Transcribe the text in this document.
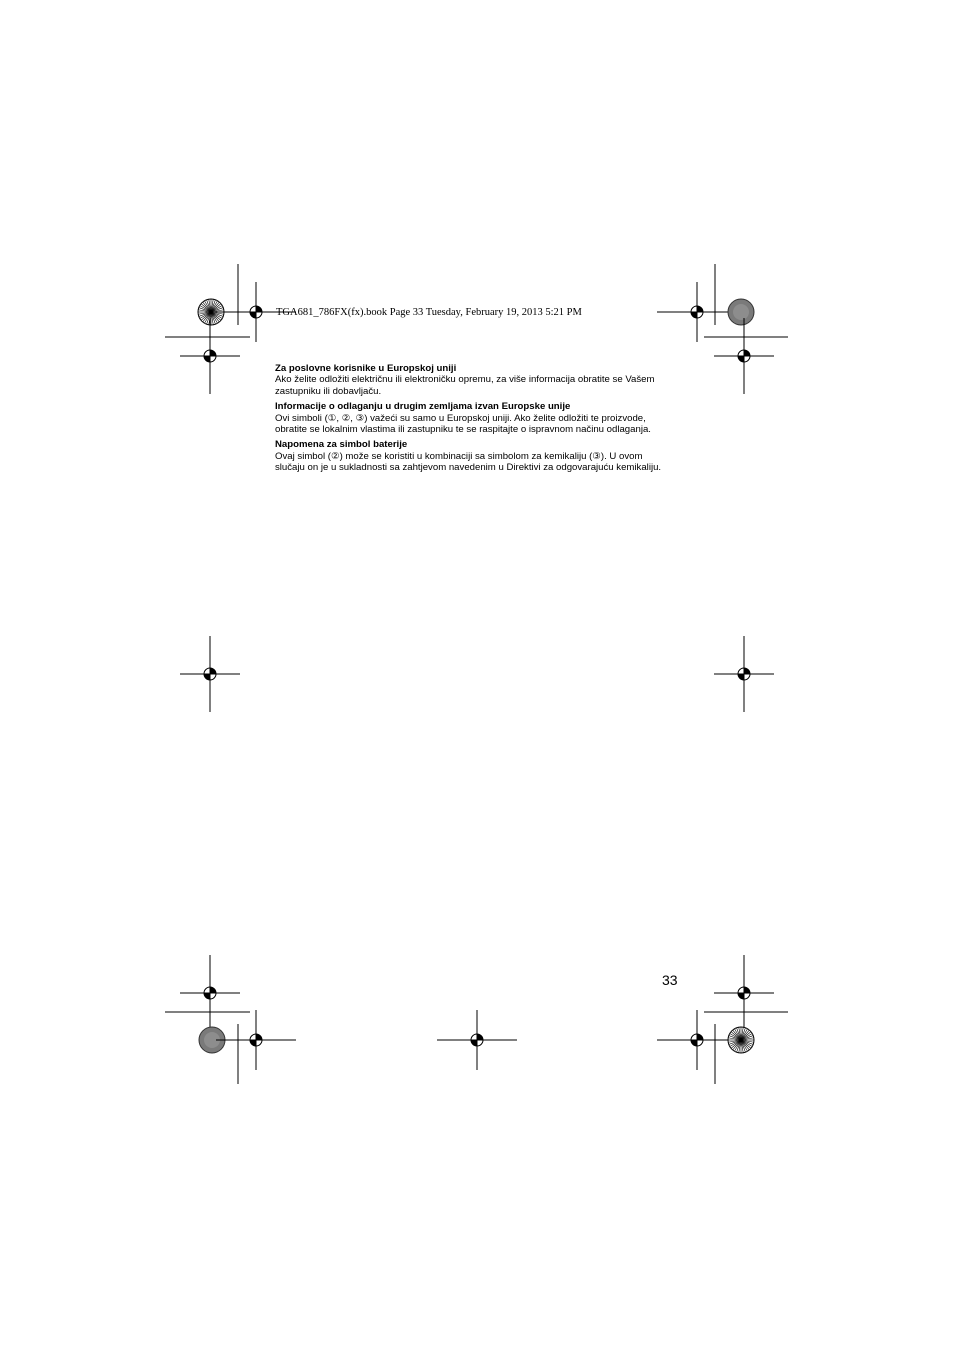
TGA681_786FX(fx).book Page 33 Tuesday, February 19, 2013 5:21 PM
Za poslovne korisnike u Europskoj uniji

Ako želite odložiti električnu ili elektroničku opremu, za više informacija obratite se Vašem
zastupniku ili dobavljaču.

Informacije o odlaganju u drugim zemljama izvan Europske unije

Ovi simboli (①, ②, ③) važeći su samo u Europskoj uniji. Ako želite odložiti te proizvode,
obratite se lokalnim vlastima ili zastupniku te se raspitajte o ispravnom načinu odlaganja.

Napomena za simbol baterije

Ovaj simbol (②) može se koristiti u kombinaciji sa simbolom za kemikaliju (③). U ovom
slučaju on je u sukladnosti sa zahtjevom navedenim u Direktivi za odgovarajuću kemikaliju.

33
